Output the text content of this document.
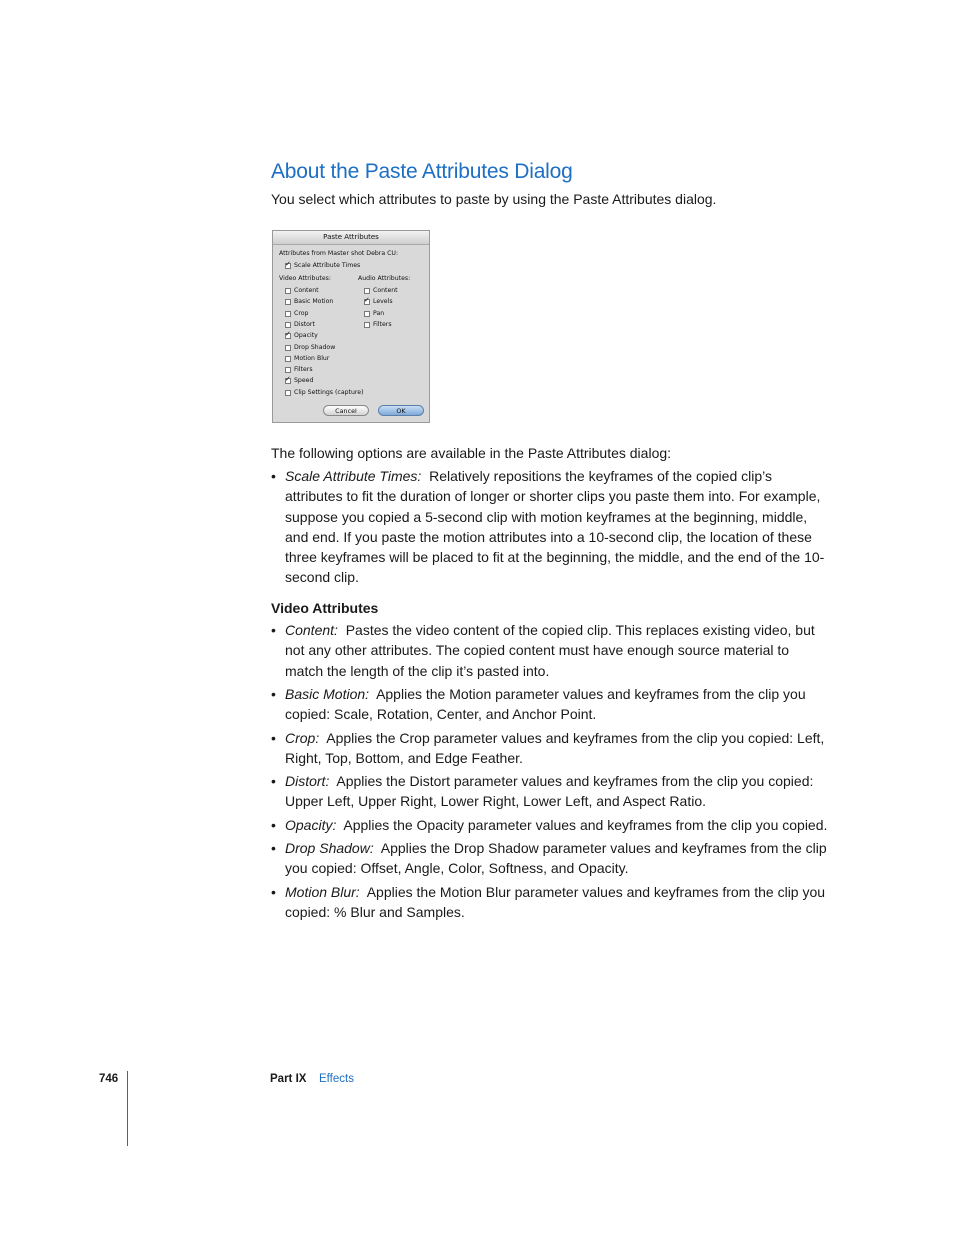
About the Paste Attributes Dialog

You select which attributes to paste by using the Paste Attributes dialog.

Paste Attributes
Attributes from Master shot Debra CU:
✓
Scale Attribute Times
Video Attributes:	Audio Attributes:
Content
Basic Motion
Crop
Distort
✓
Opacity
Drop Shadow
Motion Blur
Filters
✓
Speed
Clip Settings (capture)
Content
✓
Levels
Pan
Filters
Cancel	OK

The following options are available in the Paste Attributes dialog:

• Scale Attribute Times: Relatively repositions the keyframes of the copied clip’s attributes to fit the duration of longer or shorter clips you paste them into. For example, suppose you copied a 5-second clip with motion keyframes at the beginning, middle, and end. If you paste the motion attributes into a 10-second clip, the location of these three keyframes will be placed to fit at the beginning, the middle, and the end of the 10-second clip.

Video Attributes

• Content: Pastes the video content of the copied clip. This replaces existing video, but not any other attributes. The copied content must have enough source material to match the length of the clip it’s pasted into.

• Basic Motion: Applies the Motion parameter values and keyframes from the clip you copied: Scale, Rotation, Center, and Anchor Point.

• Crop: Applies the Crop parameter values and keyframes from the clip you copied: Left, Right, Top, Bottom, and Edge Feather.

• Distort: Applies the Distort parameter values and keyframes from the clip you copied: Upper Left, Upper Right, Lower Right, Lower Left, and Aspect Ratio.

• Opacity: Applies the Opacity parameter values and keyframes from the clip you copied.

• Drop Shadow: Applies the Drop Shadow parameter values and keyframes from the clip you copied: Offset, Angle, Color, Softness, and Opacity.

• Motion Blur: Applies the Motion Blur parameter values and keyframes from the clip you copied: % Blur and Samples.

746	Part IX Effects
